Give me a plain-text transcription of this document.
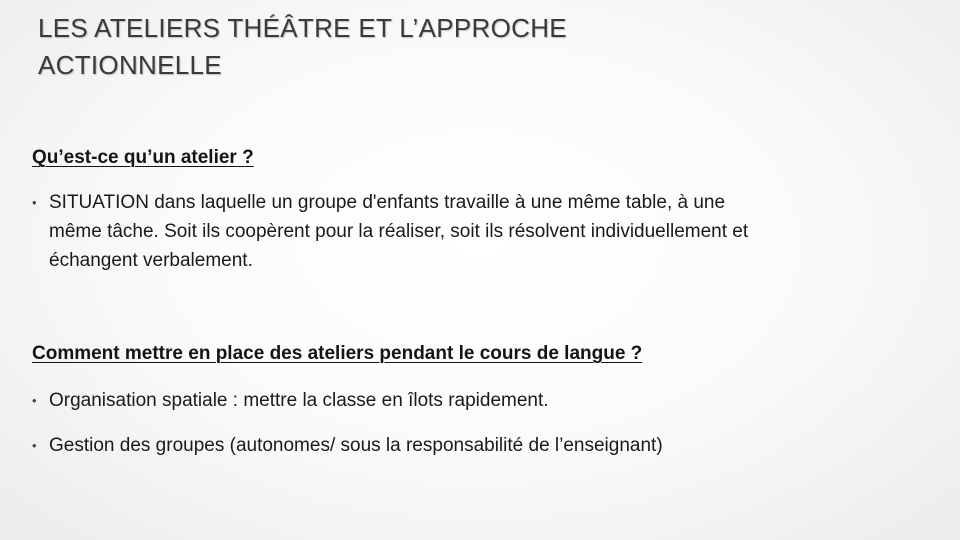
LES ATELIERS THÉÂTRE ET L’APPROCHE
ACTIONNELLE
Qu’est-ce qu’un atelier ?
• SITUATION dans laquelle un groupe d'enfants travaille à une même table, à une
même tâche. Soit ils coopèrent pour la réaliser, soit ils résolvent individuellement et
échangent verbalement.
Comment mettre en place des ateliers pendant le cours de langue ?
• Organisation spatiale : mettre la classe en îlots rapidement.
• Gestion des groupes (autonomes/ sous la responsabilité de l’enseignant)
